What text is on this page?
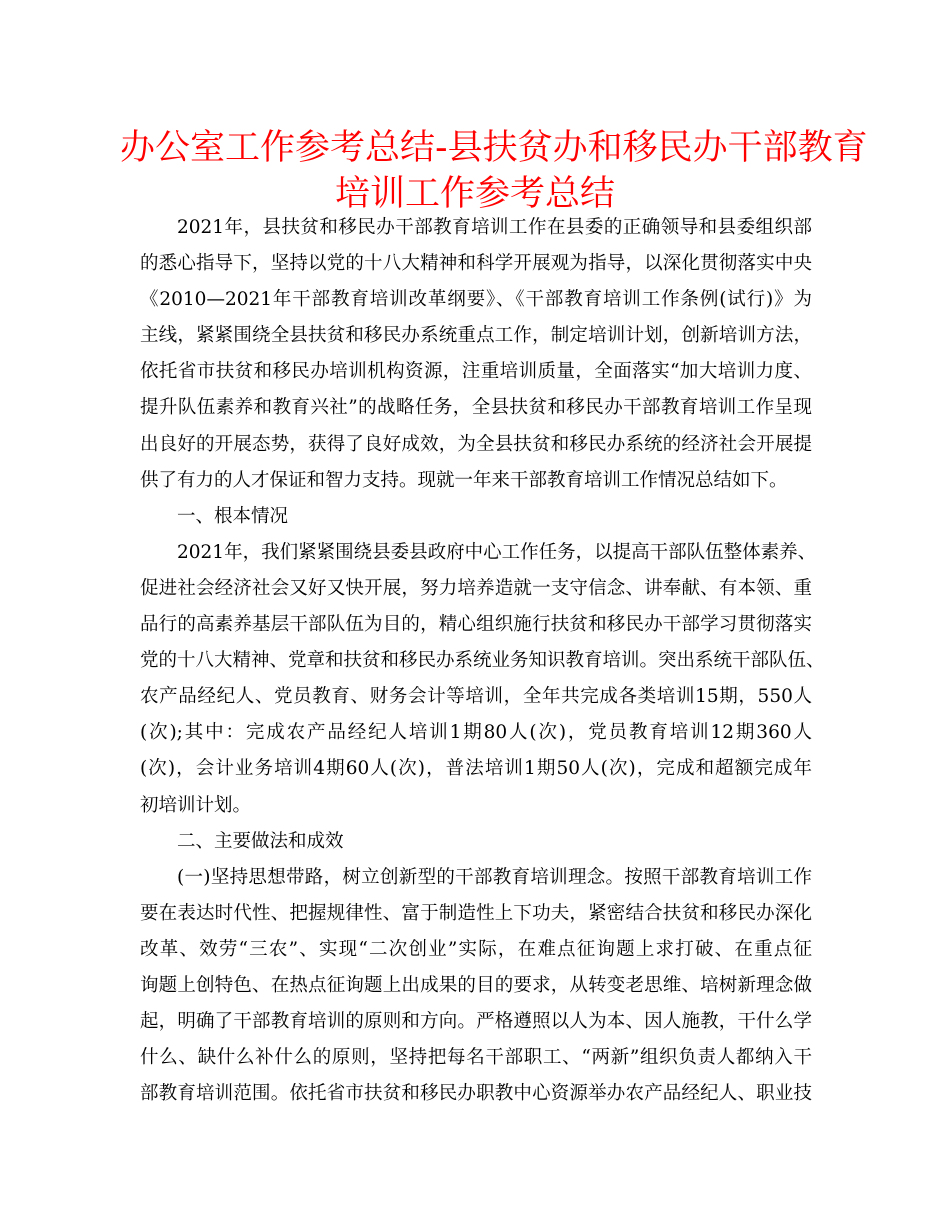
办公室工作参考总结-县扶贫办和移民办干部教育
培训工作参考总结
2021年，县扶贫和移民办干部教育培训工作在县委的正确领导和县委组织部
的悉心指导下，坚持以党的十八大精神和科学开展观为指导，以深化贯彻落实中央
《2010—2021年干部教育培训改革纲要》、《干部教育培训工作条例(试行)》为
主线，紧紧围绕全县扶贫和移民办系统重点工作，制定培训计划，创新培训方法，
依托省市扶贫和移民办培训机构资源，注重培训质量，全面落实“加大培训力度、
提升队伍素养和教育兴社”的战略任务，全县扶贫和移民办干部教育培训工作呈现
出良好的开展态势，获得了良好成效，为全县扶贫和移民办系统的经济社会开展提
供了有力的人才保证和智力支持。现就一年来干部教育培训工作情况总结如下。
一、根本情况
2021年，我们紧紧围绕县委县政府中心工作任务，以提高干部队伍整体素养、
促进社会经济社会又好又快开展，努力培养造就一支守信念、讲奉献、有本领、重
品行的高素养基层干部队伍为目的，精心组织施行扶贫和移民办干部学习贯彻落实
党的十八大精神、党章和扶贫和移民办系统业务知识教育培训。突出系统干部队伍、
农产品经纪人、党员教育、财务会计等培训，全年共完成各类培训15期，550人
(次);其中：完成农产品经纪人培训1期80人(次)，党员教育培训12期360人
(次)，会计业务培训4期60人(次)，普法培训1期50人(次)，完成和超额完成年
初培训计划。
二、主要做法和成效
(一)坚持思想带路，树立创新型的干部教育培训理念。按照干部教育培训工作
要在表达时代性、把握规律性、富于制造性上下功夫，紧密结合扶贫和移民办深化
改革、效劳“三农”、实现“二次创业”实际，在难点征询题上求打破、在重点征
询题上创特色、在热点征询题上出成果的目的要求，从转变老思维、培树新理念做
起，明确了干部教育培训的原则和方向。严格遵照以人为本、因人施教，干什么学
什么、缺什么补什么的原则，坚持把每名干部职工、“两新”组织负责人都纳入干
部教育培训范围。依托省市扶贫和移民办职教中心资源举办农产品经纪人、职业技
